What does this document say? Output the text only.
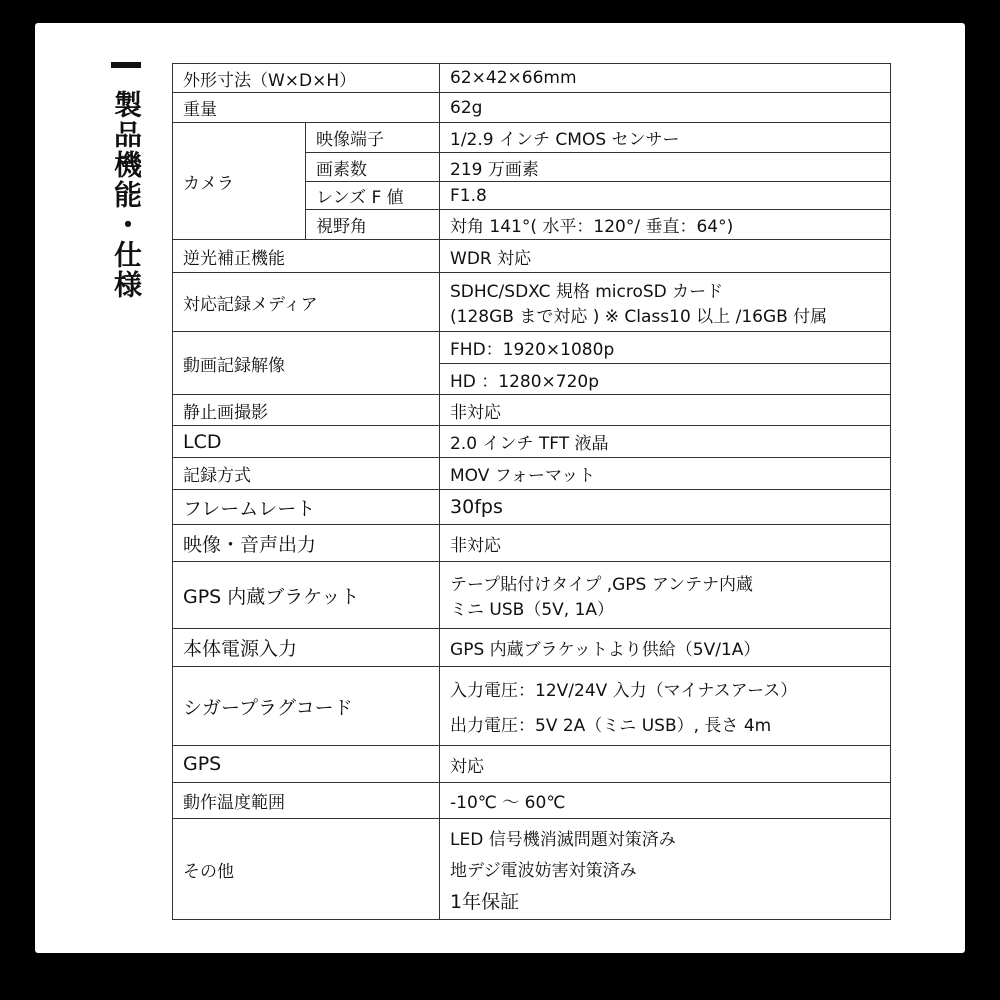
製品機能・仕様
外形寸法（W×D×H）		62×42×66mm
重量		62g
カメラ	映像端子	1/2.9 インチ CMOS センサー
	画素数	219 万画素
	レンズ F 値	F1.8
	視野角	対角 141°( 水平：120°/ 垂直：64°)
逆光補正機能		WDR 対応
対応記録メディア		SDHC/SDXC 規格 microSD カード
(128GB まで対応 ) ※ Class10 以上 /16GB 付属

動画記録解像		FHD：1920×1080p
		HD ：1280×720p
静止画撮影		非対応
LCD		2.0 インチ TFT 液晶
記録方式		MOV フォーマット
フレームレート		30fps
映像・音声出力		非対応
GPS 内蔵ブラケット		テープ貼付けタイプ ,GPS アンテナ内蔵
ミニ USB（5V, 1A）

本体電源入力		GPS 内蔵ブラケットより供給（5V/1A）
シガープラグコード		入力電圧：12V/24V 入力（マイナスアース）
出力電圧：5V 2A（ミニ USB）, 長さ 4m

GPS		対応
動作温度範囲		-10℃ ～ 60℃
その他		LED 信号機消滅問題対策済み
地デジ電波妨害対策済み
1年保証
